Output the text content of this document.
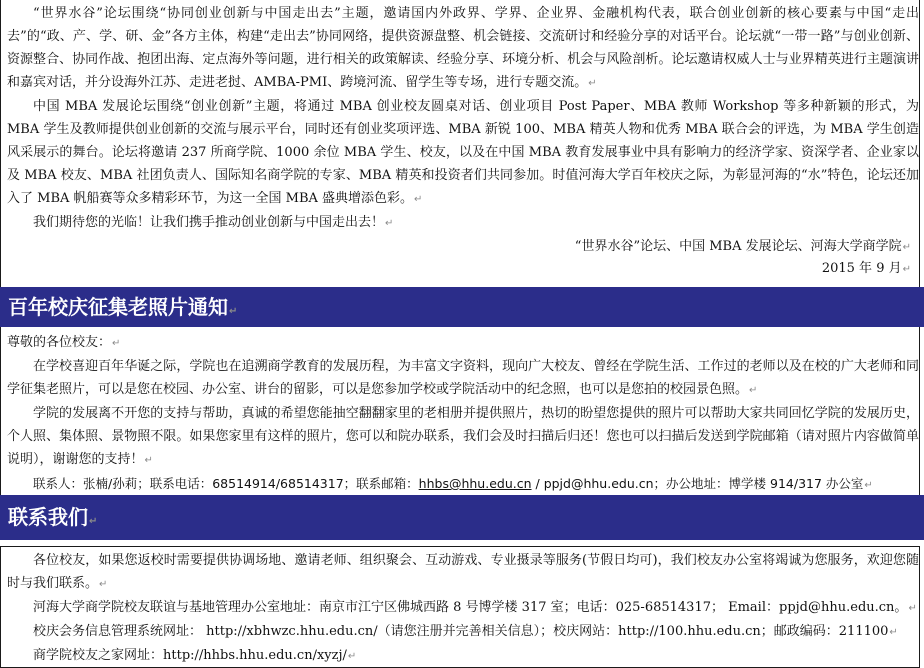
“世界水谷”论坛围绕“协同创业创新与中国走出去”主题，邀请国内外政界、学界、企业界、金融机构代表，联合创业创新的核心要素与中国“走出去”的“政、产、学、研、金”各方主体，构建“走出去”协同网络，提供资源盘整、机会链接、交流研讨和经验分享的对话平台。论坛就“一带一路”与创业创新、资源整合、协同作战、抱团出海、定点海外等问题，进行相关的政策解读、经验分享、环境分析、机会与风险剖析。论坛邀请权威人士与业界精英进行主题演讲和嘉宾对话，并分设海外江苏、走进老挝、AMBA-PMI、跨境河流、留学生等专场，进行专题交流。↵

中国 MBA 发展论坛围绕“创业创新”主题，将通过 MBA 创业校友圆桌对话、创业项目 Post Paper、MBA 教师 Workshop 等多种新颖的形式，为 MBA 学生及教师提供创业创新的交流与展示平台，同时还有创业奖项评选、MBA 新锐 100、MBA 精英人物和优秀 MBA 联合会的评选，为 MBA 学生创造风采展示的舞台。论坛将邀请 237 所商学院、1000 余位 MBA 学生、校友，以及在中国 MBA 教育发展事业中具有影响力的经济学家、资深学者、企业家以及 MBA 校友、MBA 社团负责人、国际知名商学院的专家、MBA 精英和投资者们共同参加。时值河海大学百年校庆之际，为彰显河海的“水”特色，论坛还加入了 MBA 帆船赛等众多精彩环节，为这一全国 MBA 盛典增添色彩。↵

我们期待您的光临！让我们携手推动创业创新与中国走出去！↵

“世界水谷”论坛、中国 MBA 发展论坛、河海大学商学院↵

2015 年 9 月↵

百年校庆征集老照片通知↵

尊敬的各位校友：↵

在学校喜迎百年华诞之际，学院也在追溯商学教育的发展历程，为丰富文字资料，现向广大校友、曾经在学院生活、工作过的老师以及在校的广大老师和同学征集老照片，可以是您在校园、办公室、讲台的留影，可以是您参加学校或学院活动中的纪念照，也可以是您拍的校园景色照。↵

学院的发展离不开您的支持与帮助，真诚的希望您能抽空翻翻家里的老相册并提供照片，热切的盼望您提供的照片可以帮助大家共同回忆学院的发展历史，个人照、集体照、景物照不限。如果您家里有这样的照片，您可以和院办联系，我们会及时扫描后归还！您也可以扫描后发送到学院邮箱（请对照片内容做简单说明），谢谢您的支持！↵

联系人：张楠/孙莉；联系电话：68514914/68514317；联系邮箱：hhbs@hhu.edu.cn / ppjd@hhu.edu.cn；办公地址：博学楼 914/317 办公室↵

联系我们↵

各位校友，如果您返校时需要提供协调场地、邀请老师、组织聚会、互动游戏、专业摄录等服务(节假日均可)，我们校友办公室将竭诚为您服务，欢迎您随时与我们联系。↵

河海大学商学院校友联谊与基地管理办公室地址：南京市江宁区佛城西路 8 号博学楼 317 室；电话：025-68514317； Email：ppjd@hhu.edu.cn。↵

校庆会务信息管理系统网址： http://xbhwzc.hhu.edu.cn/（请您注册并完善相关信息）；校庆网站：http://100.hhu.edu.cn；邮政编码：211100↵

商学院校友之家网址：http://hhbs.hhu.edu.cn/xyzj/↵
